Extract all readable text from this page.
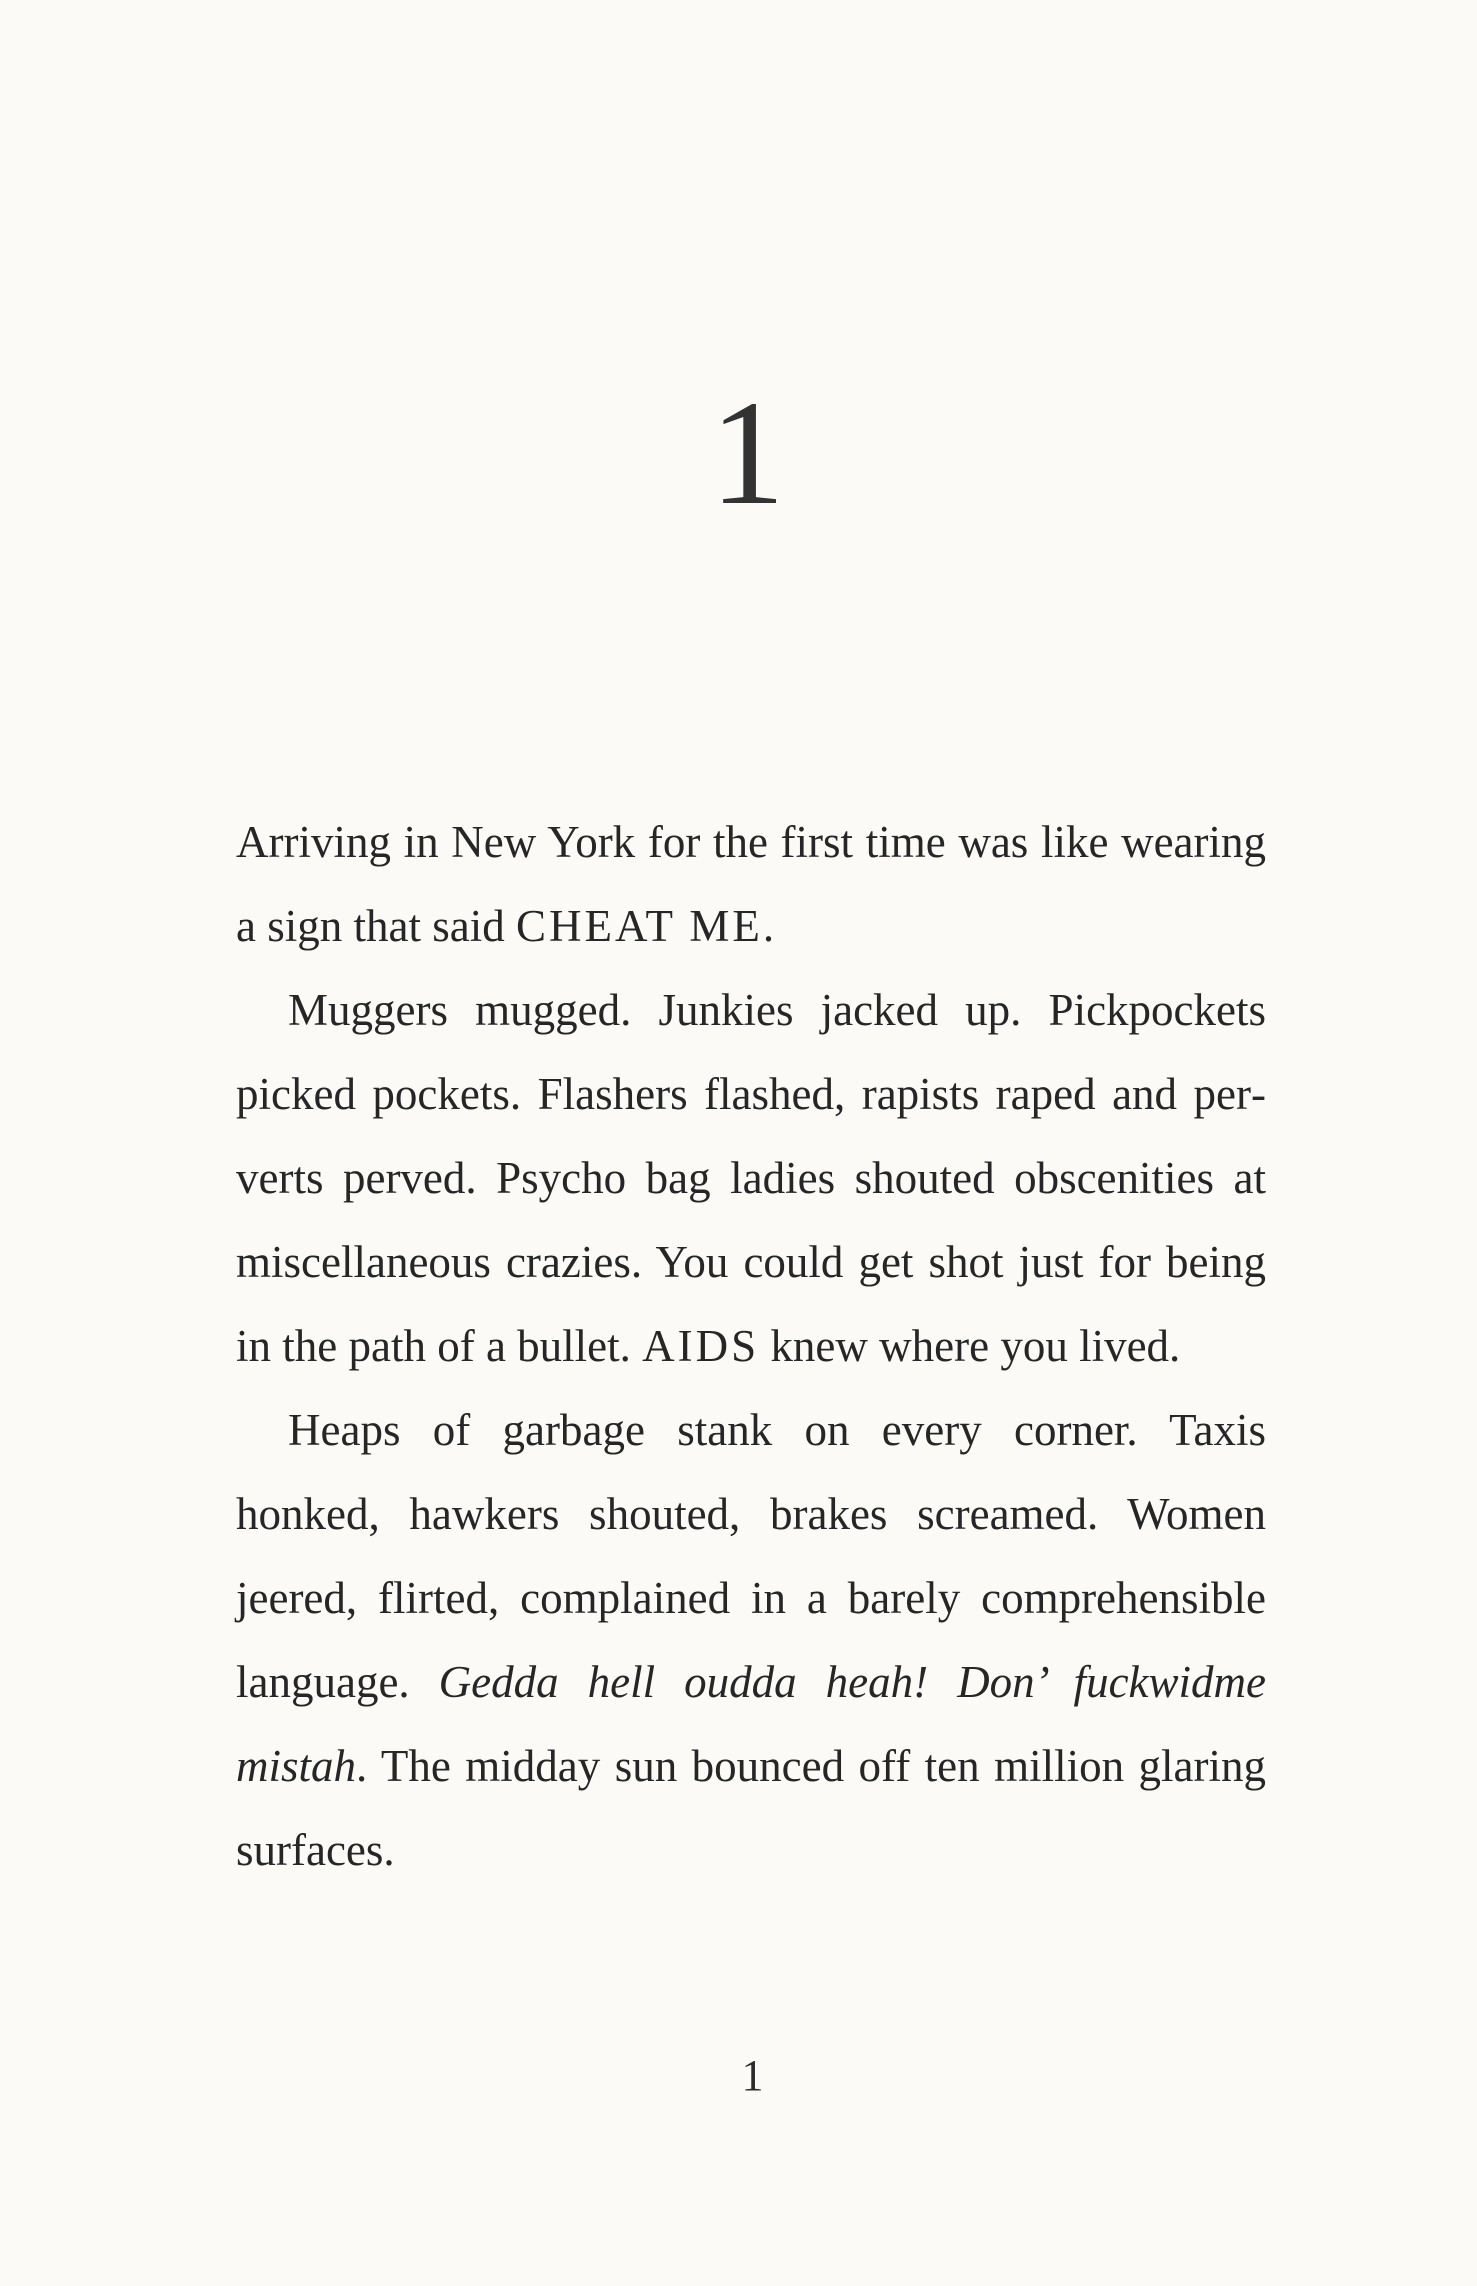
1

Arriving in New York for the first time was like wearing a sign that said CHEAT ME.

Muggers mugged. Junkies jacked up. Pickpockets picked pockets. Flashers flashed, rapists raped and perverts perved. Psycho bag ladies shouted obscenities at miscellaneous crazies. You could get shot just for being in the path of a bullet. AIDS knew where you lived.

Heaps of garbage stank on every corner. Taxis honked, hawkers shouted, brakes screamed. Women jeered, flirted, complained in a barely comprehensible language. Gedda hell oudda heah! Don’ fuckwidme mistah. The midday sun bounced off ten million glaring surfaces.

1
